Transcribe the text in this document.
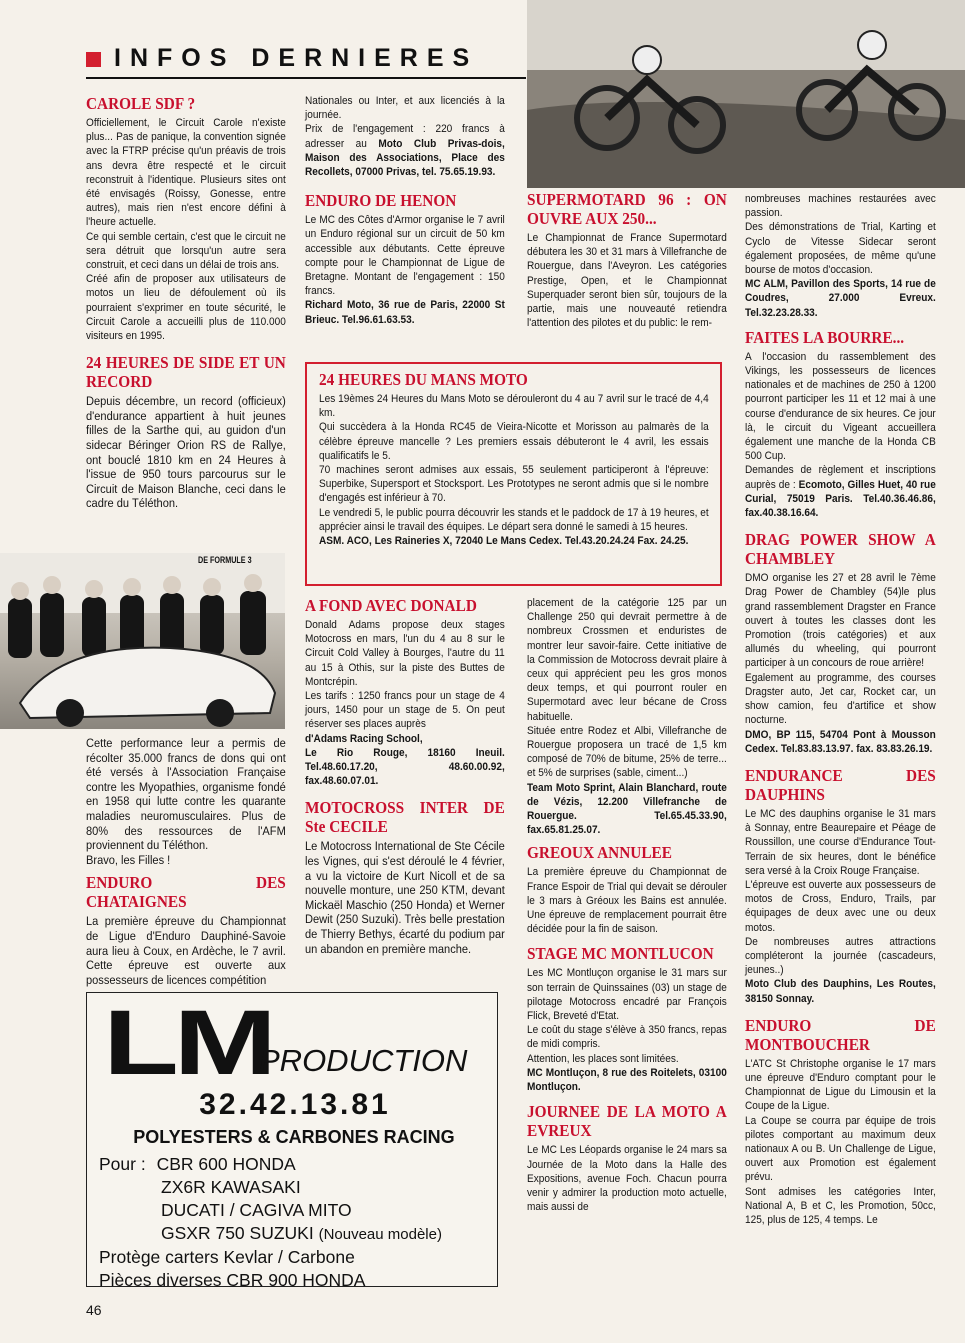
INFOS DERNIERES
DE FORMULE 3
CAROLE SDF ?

Officiellement, le Circuit Carole n'existe plus... Pas de panique, la convention signée avec la FTRP précise qu'un préavis de trois ans devra être respecté et le circuit reconstruit à l'identique. Plusieurs sites ont été envisagés (Roissy, Gonesse, entre autres), mais rien n'est encore défini à l'heure actuelle.

Ce qui semble certain, c'est que le circuit ne sera détruit que lorsqu'un autre sera construit, et ceci dans un délai de trois ans.

Créé afin de proposer aux utilisateurs de motos un lieu de défoulement où ils pourraient s'exprimer en toute sécurité, le Circuit Carole a accueilli plus de 110.000 visiteurs en 1995.

24 HEURES DE SIDE ET UN RECORD

Depuis décembre, un record (officieux) d'endurance appartient à huit jeunes filles de la Sarthe qui, au guidon d'un sidecar Béringer Orion RS de Rallye, ont bouclé 1810 km en 24 Heures à l'issue de 950 tours parcourus sur le Circuit de Maison Blanche, ceci dans le cadre du Téléthon.

Cette performance leur a permis de récolter 35.000 francs de dons qui ont été versés à l'Association Française contre les Myopathies, organisme fondé en 1958 qui lutte contre les quarante maladies neuromusculaires. Plus de 80% des ressources de l'AFM proviennent du Téléthon.

Bravo, les Filles !

ENDURO DES CHATAIGNES

La première épreuve du Championnat de Ligue d'Enduro Dauphiné-Savoie aura lieu à Coux, en Ardèche, le 7 avril. Cette épreuve est ouverte aux possesseurs de licences compétition

Nationales ou Inter, et aux licenciés à la journée.

Prix de l'engagement : 220 francs à adresser au Moto Club Privas-dois, Maison des Associations, Place des Recollets, 07000 Privas, tel. 75.65.19.93.

ENDURO DE HENON

Le MC des Côtes d'Armor organise le 7 avril un Enduro régional sur un circuit de 50 km accessible aux débutants. Cette épreuve compte pour le Championnat de Ligue de Bretagne. Montant de l'engagement : 150 francs.

Richard Moto, 36 rue de Paris, 22000 St Brieuc. Tel.96.61.63.53.

SUPERMOTARD 96 : ON OUVRE AUX 250...

Le Championnat de France Supermotard débutera les 30 et 31 mars à Villefranche de Rouergue, dans l'Aveyron. Les catégories Prestige, Open, et le Championnat Superquader seront bien sûr, toujours de la partie, mais une nouveauté retiendra l'attention des pilotes et du public: le rem-

24 HEURES DU MANS MOTO

Les 19èmes 24 Heures du Mans Moto se dérouleront du 4 au 7 avril sur le tracé de 4,4 km.

Qui succèdera à la Honda RC45 de Vieira-Nicotte et Morisson au palmarès de la célèbre épreuve mancelle ? Les premiers essais débuteront le 4 avril, les essais qualificatifs le 5.

70 machines seront admises aux essais, 55 seulement participeront à l'épreuve: Superbike, Supersport et Stocksport. Les Prototypes ne seront admis que si le nombre d'engagés est inférieur à 70.

Le vendredi 5, le public pourra découvrir les stands et le paddock de 17 à 19 heures, et apprécier ainsi le travail des équipes. Le départ sera donné le samedi à 15 heures.

ASM. ACO, Les Raineries X, 72040 Le Mans Cedex. Tel.43.20.24.24 Fax. 24.25.

A FOND AVEC DONALD

Donald Adams propose deux stages Motocross en mars, l'un du 4 au 8 sur le Circuit Cold Valley à Bourges, l'autre du 11 au 15 à Othis, sur la piste des Buttes de Montcrépin.

Les tarifs : 1250 francs pour un stage de 4 jours, 1450 pour un stage de 5. On peut réserver ses places auprès

d'Adams Racing School,

Le Rio Rouge, 18160 Ineuil. Tel.48.60.17.20, 48.60.00.92, fax.48.60.07.01.

MOTOCROSS INTER DE Ste CECILE

Le Motocross International de Ste Cécile les Vignes, qui s'est déroulé le 4 février, a vu la victoire de Kurt Nicoll et de sa nouvelle monture, une 250 KTM, devant Mickaël Maschio (250 Honda) et Werner Dewit (250 Suzuki). Très belle prestation de Thierry Bethys, écarté du podium par un abandon en première manche.

placement de la catégorie 125 par un Challenge 250 qui devrait permettre à de nombreux Crossmen et enduristes de montrer leur savoir-faire. Cette initiative de la Commission de Motocross devrait plaire à ceux qui apprécient peu les gros monos deux temps, et qui pourront rouler en Supermotard avec leur bécane de Cross habituelle.

Située entre Rodez et Albi, Villefranche de Rouergue proposera un tracé de 1,5 km composé de 70% de bitume, 25% de terre... et 5% de surprises (sable, ciment...)

Team Moto Sprint, Alain Blanchard, route de Vézis, 12.200 Villefranche de Rouergue. Tel.65.45.33.90, fax.65.81.25.07.

GREOUX ANNULEE

La première épreuve du Championnat de France Espoir de Trial qui devait se dérouler le 3 mars à Gréoux les Bains est annulée. Une épreuve de remplacement pourrait être décidée pour la fin de saison.

STAGE MC MONTLUCON

Les MC Montluçon organise le 31 mars sur son terrain de Quinssaines (03) un stage de pilotage Motocross encadré par François Flick, Breveté d'Etat.

Le coût du stage s'élève à 350 francs, repas de midi compris.

Attention, les places sont limitées.

MC Montluçon, 8 rue des Roitelets, 03100 Montluçon.

JOURNEE DE LA MOTO A EVREUX

Le MC Les Léopards organise le 24 mars sa Journée de la Moto dans la Halle des Expositions, avenue Foch. Chacun pourra venir y admirer la production moto actuelle, mais aussi de

nombreuses machines restaurées avec passion.

Des démonstrations de Trial, Karting et Cyclo de Vitesse Sidecar seront également proposées, de même qu'une bourse de motos d'occasion.

MC ALM, Pavillon des Sports, 14 rue de Coudres, 27.000 Evreux. Tel.32.23.28.33.

FAITES LA BOURRE...

A l'occasion du rassemblement des Vikings, les possesseurs de licences nationales et de machines de 250 à 1200 pourront participer les 11 et 12 mai à une course d'endurance de six heures. Ce jour là, le circuit du Vigeant accueillera également une manche de la Honda CB 500 Cup.

Demandes de règlement et inscriptions auprès de : Ecomoto, Gilles Huet, 40 rue Curial, 75019 Paris. Tel.40.36.46.86, fax.40.38.16.64.

DRAG POWER SHOW A CHAMBLEY

DMO organise les 27 et 28 avril le 7ème Drag Power de Chambley (54)le plus grand rassemblement Dragster en France ouvert à toutes les classes dont les Promotion (trois catégories) et aux allumés du wheeling, qui pourront participer à un concours de roue arrière!

Egalement au programme, des courses Dragster auto, Jet car, Rocket car, un show camion, feu d'artifice et show nocturne.

DMO, BP 115, 54704 Pont à Mousson Cedex. Tel.83.83.13.97. fax. 83.83.26.19.

ENDURANCE DES DAUPHINS

Le MC des dauphins organise le 31 mars à Sonnay, entre Beaurepaire et Péage de Roussillon, une course d'Endurance Tout-Terrain de six heures, dont le bénéfice sera versé à la Croix Rouge Française.

L'épreuve est ouverte aux possesseurs de motos de Cross, Enduro, Trails, par équipages de deux avec une ou deux motos.

De nombreuses autres attractions compléteront la journée (cascadeurs, jeunes..)

Moto Club des Dauphins, Les Routes, 38150 Sonnay.

ENDURO DE MONTBOUCHER

L'ATC St Christophe organise le 17 mars une épreuve d'Enduro comptant pour le Championnat de Ligue du Limousin et la Coupe de la Ligue.

La Coupe se courra par équipe de trois pilotes comportant au maximum deux nationaux A ou B. Un Challenge de Ligue, ouvert aux Promotion est également prévu.

Sont admises les catégories Inter, National A, B et C, les Promotion, 50cc, 125, plus de 125, 4 temps. Le

LM
PRODUCTION
32.42.13.81
POLYESTERS & CARBONES RACING
Pour : CBR 600 HONDA
ZX6R KAWASAKI
DUCATI / CAGIVA MITO
GSXR 750 SUZUKI (Nouveau modèle)
Protège carters Kevlar / Carbone
Pièces diverses CBR 900 HONDA
46
